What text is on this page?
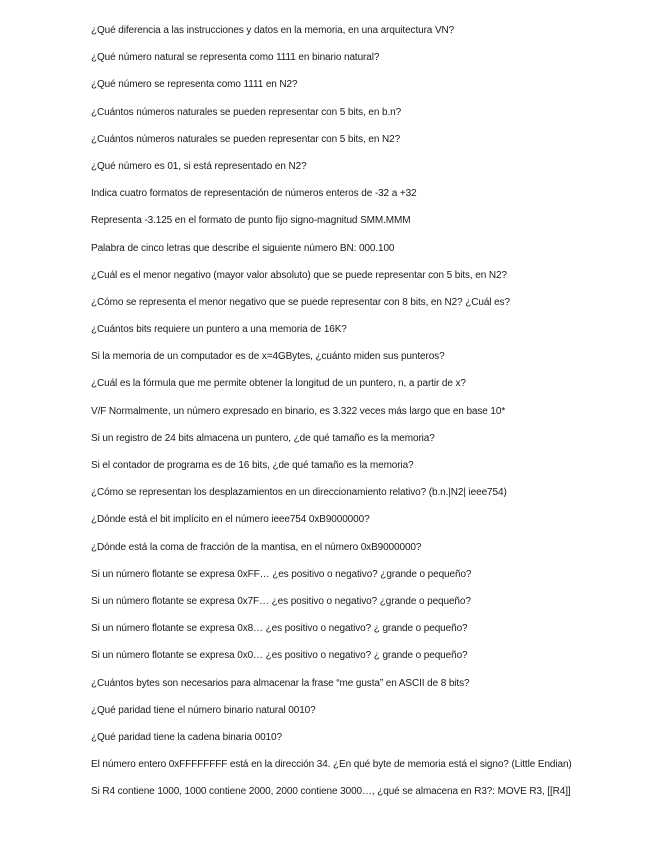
¿Qué diferencia a las instrucciones y datos en la memoria, en una arquitectura VN?
¿Qué número natural se representa como 1111 en binario natural?
¿Qué número se representa como 1111 en N2?
¿Cuántos números naturales se pueden representar con 5 bits, en b.n?
¿Cuántos números naturales se pueden representar con 5 bits, en N2?
¿Qué número es 01, si está representado en N2?
Indica cuatro formatos de representación de números enteros de -32 a +32
Representa -3.125 en el formato de punto fijo signo-magnitud SMM.MMM
Palabra de cinco letras que describe el siguiente número BN: 000.100
¿Cuál es el menor negativo (mayor valor absoluto) que se puede representar con 5 bits, en N2?
¿Cómo se representa el menor negativo que se puede representar con 8 bits, en N2? ¿Cuál es?
¿Cuántos bits requiere un puntero a una memoria de 16K?
Si la memoria de un computador es de x=4GBytes, ¿cuánto miden sus punteros?
¿Cuál es la fórmula que me permite obtener la longitud de un puntero, n, a partir de x?
V/F Normalmente, un número expresado en binario, es 3.322 veces más largo que en base 10*
Si un registro de 24 bits almacena un puntero, ¿de qué tamaño es la memoria?
Si el contador de programa es de 16 bits, ¿de qué tamaño es la memoria?
¿Cómo se representan los desplazamientos en un direccionamiento relativo? (b.n.|N2| ieee754)
¿Dónde está el bit implícito en el número ieee754 0xB9000000?
¿Dónde está la coma de fracción de la mantisa, en el número 0xB9000000?
Si un número flotante se expresa 0xFF… ¿es positivo o negativo? ¿grande o pequeño?
Si un número flotante se expresa 0x7F… ¿es positivo o negativo? ¿grande o pequeño?
Si un número flotante se expresa 0x8… ¿es positivo o negativo? ¿ grande o pequeño?
Si un número flotante se expresa 0x0… ¿es positivo o negativo? ¿ grande o pequeño?
¿Cuántos bytes son necesarios para almacenar la frase “me gusta” en ASCII de 8 bits?
¿Qué paridad tiene el número binario natural 0010?
¿Qué paridad tiene la cadena binaria 0010?
El número entero 0xFFFFFFFF está en la dirección 34. ¿En qué byte de memoria está el signo? (Little Endian)
Si R4 contiene 1000, 1000 contiene 2000, 2000 contiene 3000…, ¿qué se almacena en R3?: MOVE R3, [[R4]]
